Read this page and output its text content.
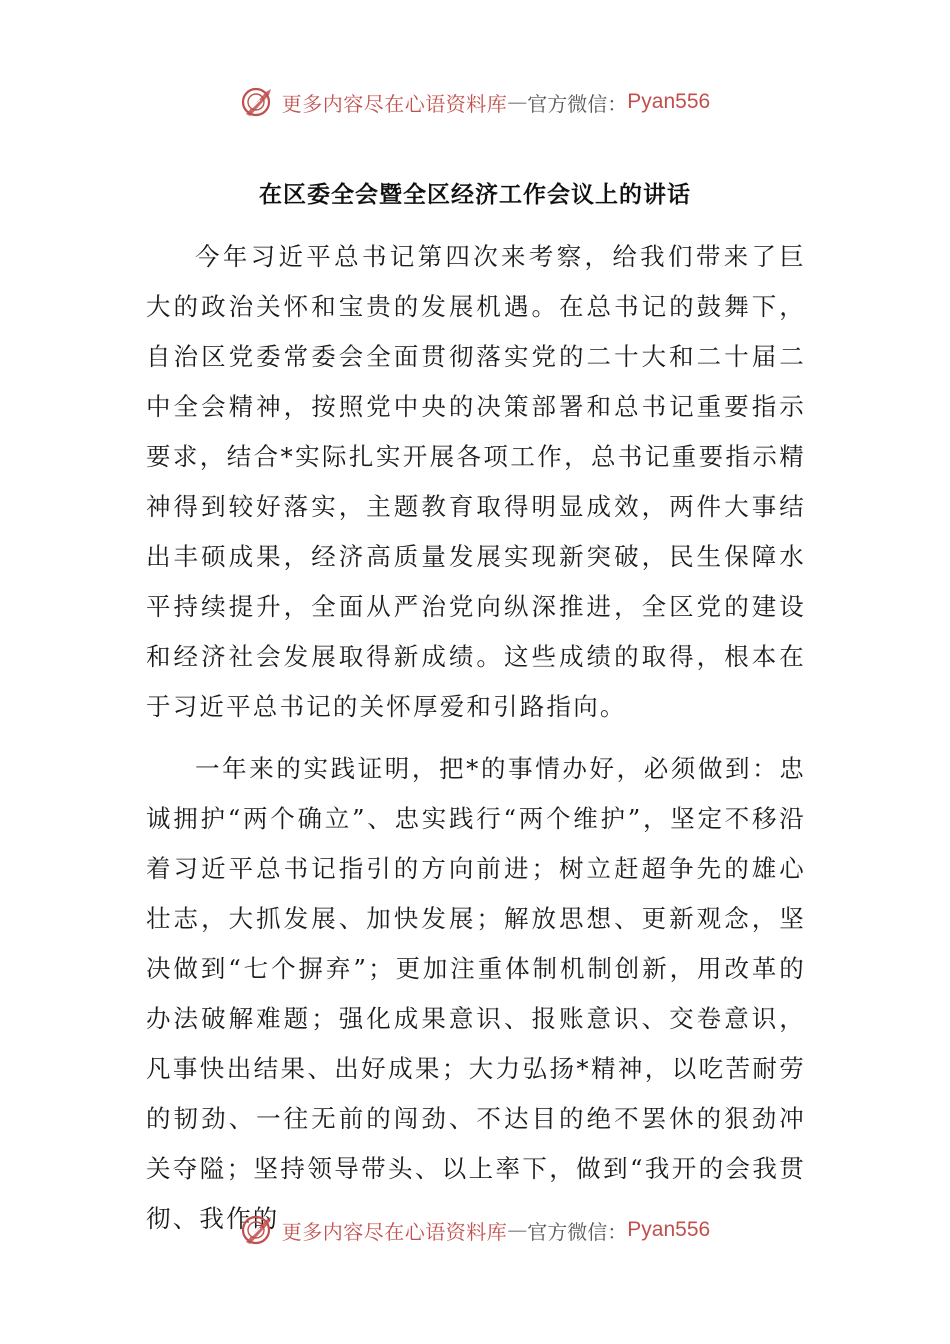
更多内容尽在心语资料库 — 官方微信： Pyan556
在区委全会暨全区经济工作会议上的讲话

今年习近平总书记第四次来考察，给我们带来了巨大的政治关怀和宝贵的发展机遇。在总书记的鼓舞下，自治区党委常委会全面贯彻落实党的二十大和二十届二中全会精神，按照党中央的决策部署和总书记重要指示要求，结合*实际扎实开展各项工作，总书记重要指示精神得到较好落实，主题教育取得明显成效，两件大事结出丰硕成果，经济高质量发展实现新突破，民生保障水平持续提升，全面从严治党向纵深推进，全区党的建设和经济社会发展取得新成绩。这些成绩的取得，根本在于习近平总书记的关怀厚爱和引路指向。

一年来的实践证明，把*的事情办好，必须做到：忠诚拥护“两个确立”、忠实践行“两个维护”，坚定不移沿着习近平总书记指引的方向前进；树立赶超争先的雄心壮志，大抓发展、加快发展；解放思想、更新观念，坚决做到“七个摒弃”；更加注重体制机制创新，用改革的办法破解难题；强化成果意识、报账意识、交卷意识，凡事快出结果、出好成果；大力弘扬*精神，以吃苦耐劳的韧劲、一往无前的闯劲、不达目的绝不罢休的狠劲冲关夺隘；坚持领导带头、以上率下，做到“我开的会我贯彻、我作的 更多内容尽在心语资料库 — 官方微信： Pyan556
